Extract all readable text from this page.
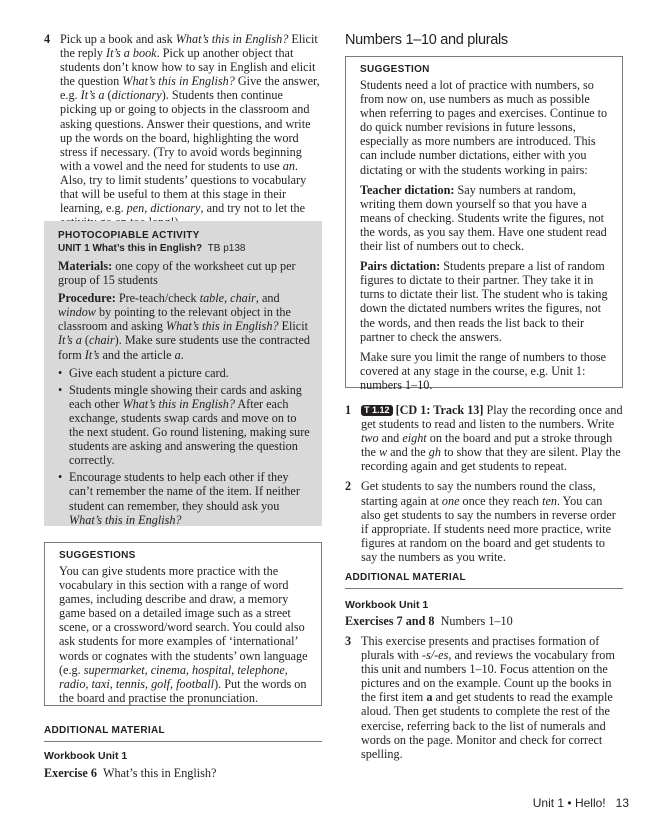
4 Pick up a book and ask What’s this in English? Elicit the reply It’s a book. Pick up another object that students don’t know how to say in English and elicit the question What’s this in English? Give the answer, e.g. It’s a (dictionary). Students then continue picking up or going to objects in the classroom and asking questions. Answer their questions, and write up the words on the board, highlighting the word stress if necessary. (Try to avoid words beginning with a vowel and the need for students to use an. Also, try to limit students’ questions to vocabulary that will be useful to them at this stage in their learning, e.g. pen, dictionary, and try not to let the
PHOTOCOPIABLE ACTIVITY
UNIT 1 What’s this in English? TB p138

Materials: one copy of the worksheet cut up per group of 15 students

Procedure: Pre-teach/check table, chair, and window by pointing to the relevant object in the classroom and asking What’s this in English? Elicit It’s a (chair). Make sure students use the contracted form It’s and the article a.

• Give each student a picture card.
• Students mingle showing their cards and asking each other What’s this in English? After each exchange, students swap cards and move on to the next student. Go round listening, making sure students are asking and answering the question correctly.
• Encourage students to help each other if they can’t remember the name of the item. If neither student can remember, they should ask you What’s this in English?
SUGGESTIONS

You can give students more practice with the vocabulary in this section with a range of word games, including describe and draw, a memory game based on a detailed image such as a street scene, or a crossword/word search. You could also ask students for more examples of ‘international’ words or cognates with the students’ own language (e.g. supermarket, cinema, hospital, telephone, radio, taxi, tennis, golf, football). Put the words on the board and practise the pronunciation.

ADDITIONAL MATERIAL
Workbook Unit 1
Exercise 6 What’s this in English?
Numbers 1–10 and plurals
SUGGESTION

Students need a lot of practice with numbers, so from now on, use numbers as much as possible when referring to pages and exercises. Continue to do quick number revisions in future lessons, especially as more numbers are introduced. This can include number dictations, either with you dictating or with the students working in pairs:

Teacher dictation: Say numbers at random, writing them down yourself so that you have a means of checking. Students write the figures, not the words, as you say them. Have one student read their list of numbers out to check.

Pairs dictation: Students prepare a list of random figures to dictate to their partner. They take it in turns to dictate their list. The student who is taking down the dictated numbers writes the figures, not the words, and then reads the list back to their partner to check the answers.

Make sure you limit the range of numbers to those covered at any stage in the course, e.g. Unit 1: numbers 1–10.

1	T 1.12 [CD 1: Track 13] Play the recording once and get students to read and listen to the numbers. Write two and eight on the board and put a stroke through the w and the gh to show that they are silent. Play the recording again and get students to repeat.
2 Get students to say the numbers round the class, starting again at one once they reach ten. You can also get students to say the numbers in reverse order if appropriate. If students need more practice, write figures at random on the board and get students to say the numbers as you write.
ADDITIONAL MATERIAL
Workbook Unit 1
Exercises 7 and 8 Numbers 1–10
3 This exercise presents and practises formation of plurals with -s/-es, and reviews the vocabulary from this unit and numbers 1–10. Focus attention on the pictures and on the example. Count up the books in the first item a and get students to read the example aloud. Then get students to complete the rest of the exercise, referring back to the list of numerals and words on the page. Monitor and check for correct spelling.
Unit 1 • Hello! 13
